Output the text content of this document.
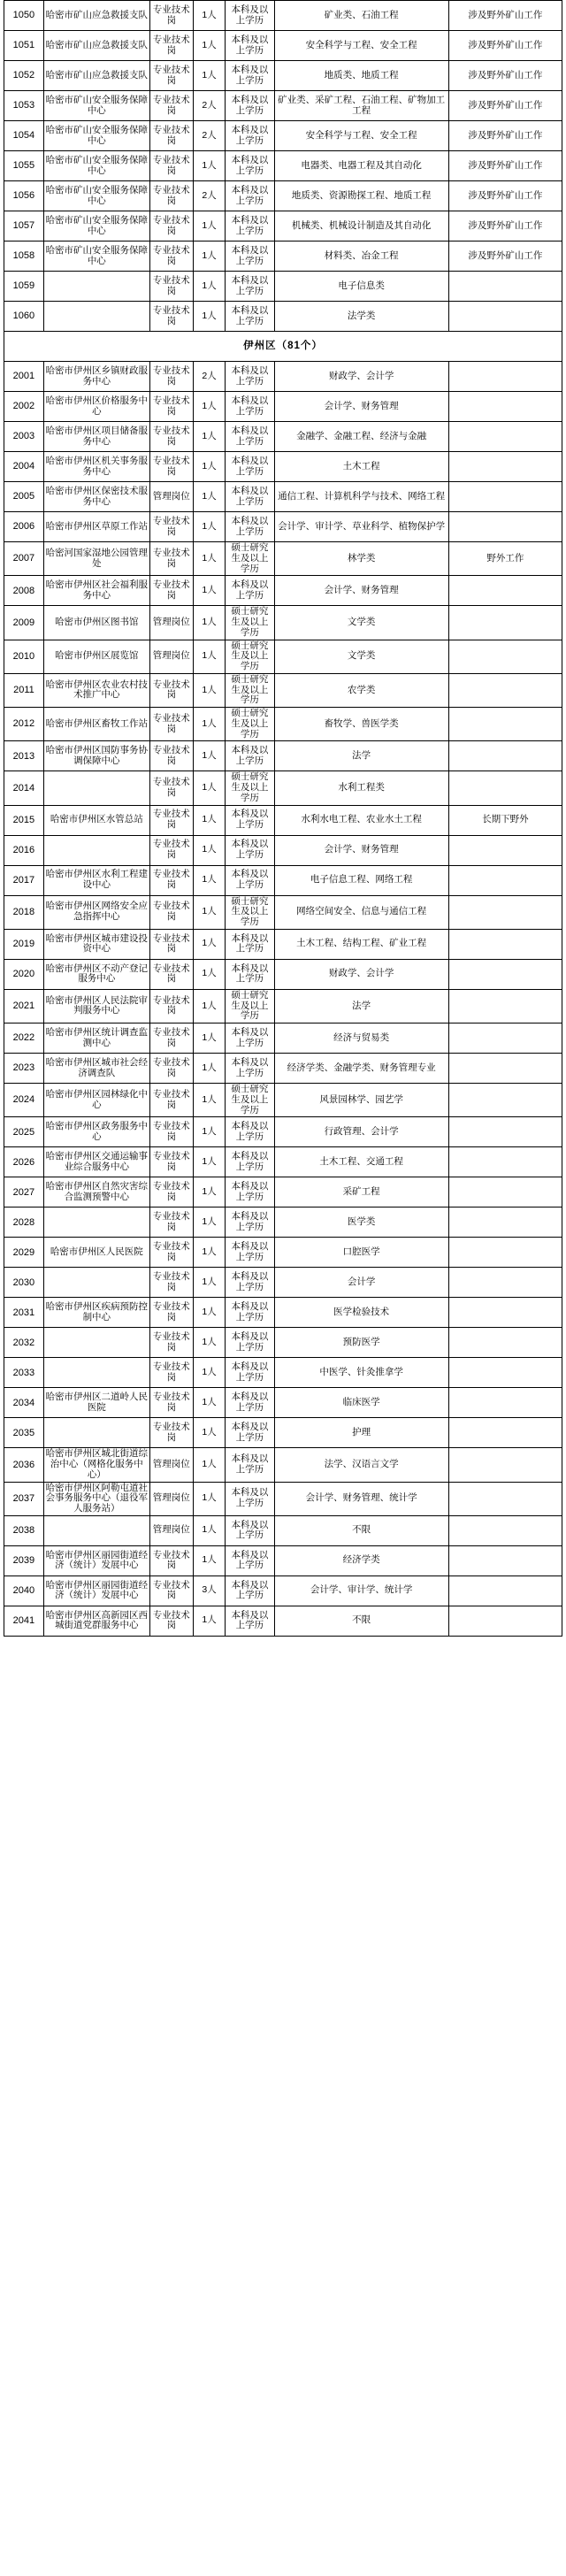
1050	哈密市矿山应急救援支队	专业技术岗	1人	本科及以上学历	矿业类、石油工程	涉及野外矿山工作
1051	哈密市矿山应急救援支队	专业技术岗	1人	本科及以上学历	安全科学与工程、安全工程	涉及野外矿山工作
1052	哈密市矿山应急救援支队	专业技术岗	1人	本科及以上学历	地质类、地质工程	涉及野外矿山工作
1053	哈密市矿山安全服务保障中心	专业技术岗	2人	本科及以上学历	矿业类、采矿工程、石油工程、矿物加工工程	涉及野外矿山工作
1054	哈密市矿山安全服务保障中心	专业技术岗	2人	本科及以上学历	安全科学与工程、安全工程	涉及野外矿山工作
1055	哈密市矿山安全服务保障中心	专业技术岗	1人	本科及以上学历	电器类、电器工程及其自动化	涉及野外矿山工作
1056	哈密市矿山安全服务保障中心	专业技术岗	2人	本科及以上学历	地质类、资源勘探工程、地质工程	涉及野外矿山工作
1057	哈密市矿山安全服务保障中心	专业技术岗	1人	本科及以上学历	机械类、机械设计制造及其自动化	涉及野外矿山工作
1058	哈密市矿山安全服务保障中心	专业技术岗	1人	本科及以上学历	材料类、冶金工程	涉及野外矿山工作
1059		专业技术岗	1人	本科及以上学历	电子信息类	
1060		专业技术岗	1人	本科及以上学历	法学类	
伊州区（81个）						
2001	哈密市伊州区乡镇财政服务中心	专业技术岗	2人	本科及以上学历	财政学、会计学	
2002	哈密市伊州区价格服务中心	专业技术岗	1人	本科及以上学历	会计学、财务管理	
2003	哈密市伊州区项目储备服务中心	专业技术岗	1人	本科及以上学历	金融学、金融工程、经济与金融	
2004	哈密市伊州区机关事务服务中心	专业技术岗	1人	本科及以上学历	土木工程	
2005	哈密市伊州区保密技术服务中心	管理岗位	1人	本科及以上学历	通信工程、计算机科学与技术、网络工程	
2006	哈密市伊州区草原工作站	专业技术岗	1人	本科及以上学历	会计学、审计学、草业科学、植物保护学	
2007	哈密河国家湿地公园管理处	专业技术岗	1人	硕士研究生及以上学历	林学类	野外工作
2008	哈密市伊州区社会福利服务中心	专业技术岗	1人	本科及以上学历	会计学、财务管理	
2009	哈密市伊州区图书馆	管理岗位	1人	硕士研究生及以上学历	文学类	
2010	哈密市伊州区展览馆	管理岗位	1人	硕士研究生及以上学历	文学类	
2011	哈密市伊州区农业农村技术推广中心	专业技术岗	1人	硕士研究生及以上学历	农学类	
2012	哈密市伊州区畜牧工作站	专业技术岗	1人	硕士研究生及以上学历	畜牧学、兽医学类	
2013	哈密市伊州区国防事务协调保障中心	专业技术岗	1人	本科及以上学历	法学	
2014		专业技术岗	1人	硕士研究生及以上学历	水利工程类	
2015	哈密市伊州区水管总站	专业技术岗	1人	本科及以上学历	水利水电工程、农业水土工程	长期下野外
2016		专业技术岗	1人	本科及以上学历	会计学、财务管理	
2017	哈密市伊州区水利工程建设中心	专业技术岗	1人	本科及以上学历	电子信息工程、网络工程	
2018	哈密市伊州区网络安全应急指挥中心	专业技术岗	1人	硕士研究生及以上学历	网络空间安全、信息与通信工程	
2019	哈密市伊州区城市建设投资中心	专业技术岗	1人	本科及以上学历	土木工程、结构工程、矿业工程	
2020	哈密市伊州区不动产登记服务中心	专业技术岗	1人	本科及以上学历	财政学、会计学	
2021	哈密市伊州区人民法院审判服务中心	专业技术岗	1人	硕士研究生及以上学历	法学	
2022	哈密市伊州区统计调查监测中心	专业技术岗	1人	本科及以上学历	经济与贸易类	
2023	哈密市伊州区城市社会经济调查队	专业技术岗	1人	本科及以上学历	经济学类、金融学类、财务管理专业	
2024	哈密市伊州区园林绿化中心	专业技术岗	1人	硕士研究生及以上学历	风景园林学、园艺学	
2025	哈密市伊州区政务服务中心	专业技术岗	1人	本科及以上学历	行政管理、会计学	
2026	哈密市伊州区交通运输事业综合服务中心	专业技术岗	1人	本科及以上学历	土木工程、交通工程	
2027	哈密市伊州区自然灾害综合监测预警中心	专业技术岗	1人	本科及以上学历	采矿工程	
2028		专业技术岗	1人	本科及以上学历	医学类	
2029	哈密市伊州区人民医院	专业技术岗	1人	本科及以上学历	口腔医学	
2030		专业技术岗	1人	本科及以上学历	会计学	
2031	哈密市伊州区疾病预防控制中心	专业技术岗	1人	本科及以上学历	医学检验技术	
2032		专业技术岗	1人	本科及以上学历	预防医学	
2033		专业技术岗	1人	本科及以上学历	中医学、针灸推拿学	
2034	哈密市伊州区二道岭人民医院	专业技术岗	1人	本科及以上学历	临床医学	
2035		专业技术岗	1人	本科及以上学历	护理	
2036	哈密市伊州区城北街道综治中心（网格化服务中心）	管理岗位	1人	本科及以上学历	法学、汉语言文学	
2037	哈密市伊州区阿勒屯道社会事务服务中心（退役军人服务站）	管理岗位	1人	本科及以上学历	会计学、财务管理、统计学	
2038		管理岗位	1人	本科及以上学历	不限	
2039	哈密市伊州区丽园街道经济（统计）发展中心	专业技术岗	1人	本科及以上学历	经济学类	
2040	哈密市伊州区丽园街道经济（统计）发展中心	专业技术岗	3人	本科及以上学历	会计学、审计学、统计学	
2041	哈密市伊州区高新园区西城街道党群服务中心	专业技术岗	1人	本科及以上学历	不限	
